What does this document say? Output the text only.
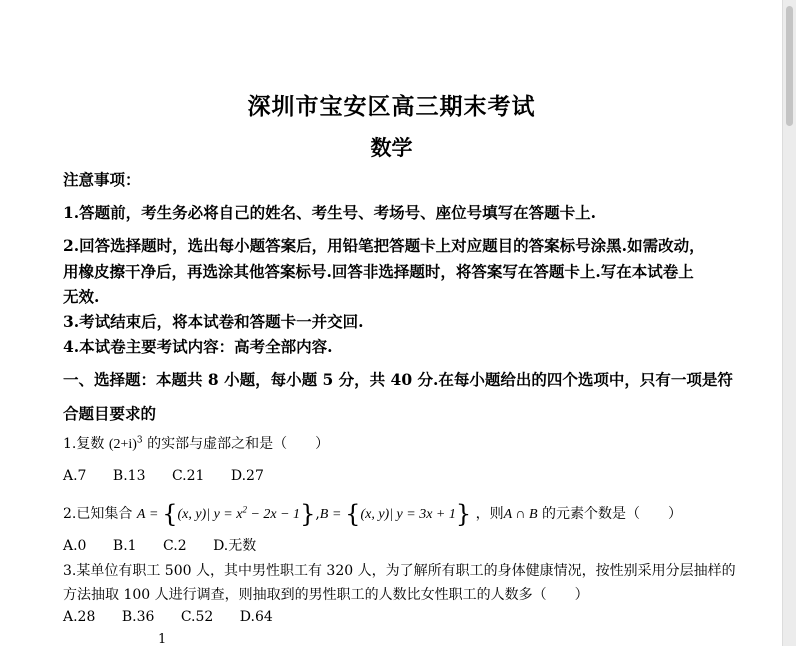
深圳市宝安区高三期末考试
数学
注意事项：
1.答题前，考生务必将自己的姓名、考生号、考场号、座位号填写在答题卡上.
2.回答选择题时，选出每小题答案后，用铅笔把答题卡上对应题目的答案标号涂黑.如需改动，
用橡皮擦干净后，再选涂其他答案标号.回答非选择题时，将答案写在答题卡上.写在本试卷上
无效.
3.考试结束后，将本试卷和答题卡一并交回.
4.本试卷主要考试内容：高考全部内容.
一、选择题：本题共 8 小题，每小题 5 分，共 40 分.在每小题给出的四个选项中，只有一项是符
合题目要求的
1.复数 $(2+i)^3$ 的实部与虚部之和是（　　）
A.7 B.13 C.21 D.27
2.已知集合 A = {(x, y)| $y = x^2 - 2x - 1\},B = \{(x$, y)| y = 3x + 1} ，则A ∩ B 的元素个数是（　　）
A.0 B.1 C.2 D.无数
3.某单位有职工 500 人，其中男性职工有 320 人，为了解所有职工的身体健康情况，按性别采用分层抽样的
方法抽取 100 人进行调查，则抽取到的男性职工的人数比女性职工的人数多（　　）
A.28 B.36 C.52 D.64
1
